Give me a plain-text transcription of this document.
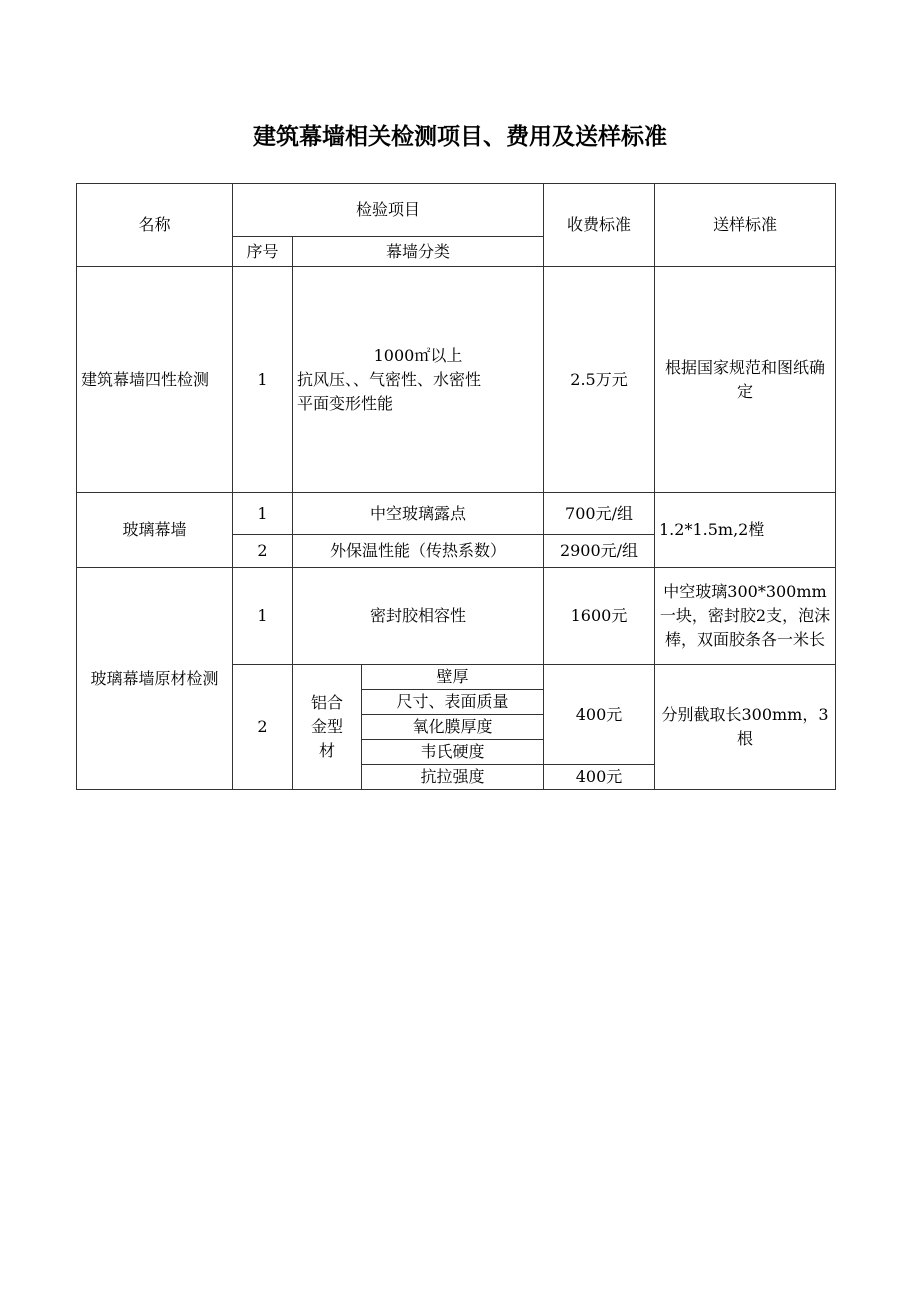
建筑幕墙相关检测项目、费用及送样标准
名称	检验项目			收费标准	送样标准
	序号	幕墙分类			
建筑幕墙四性检测	1	1000㎡以上
抗风压、、气密性、水密性
平面变形性能		2.5万元	根据国家规范和图纸确定
玻璃幕墙	1	中空玻璃露点		700元/组	1.2*1.5m,2樘
	2	外保温性能（传热系数）		2900元/组	
玻璃幕墙原材检测	1	密封胶相容性		1600元	中空玻璃300*300mm一块，密封胶2支，泡沫棒，双面胶条各一米长
	2	铝合金型材	壁厚	400元	分别截取长300mm，3根
			尺寸、表面质量		
			氧化膜厚度		
			韦氏硬度		
			抗拉强度	400元	
